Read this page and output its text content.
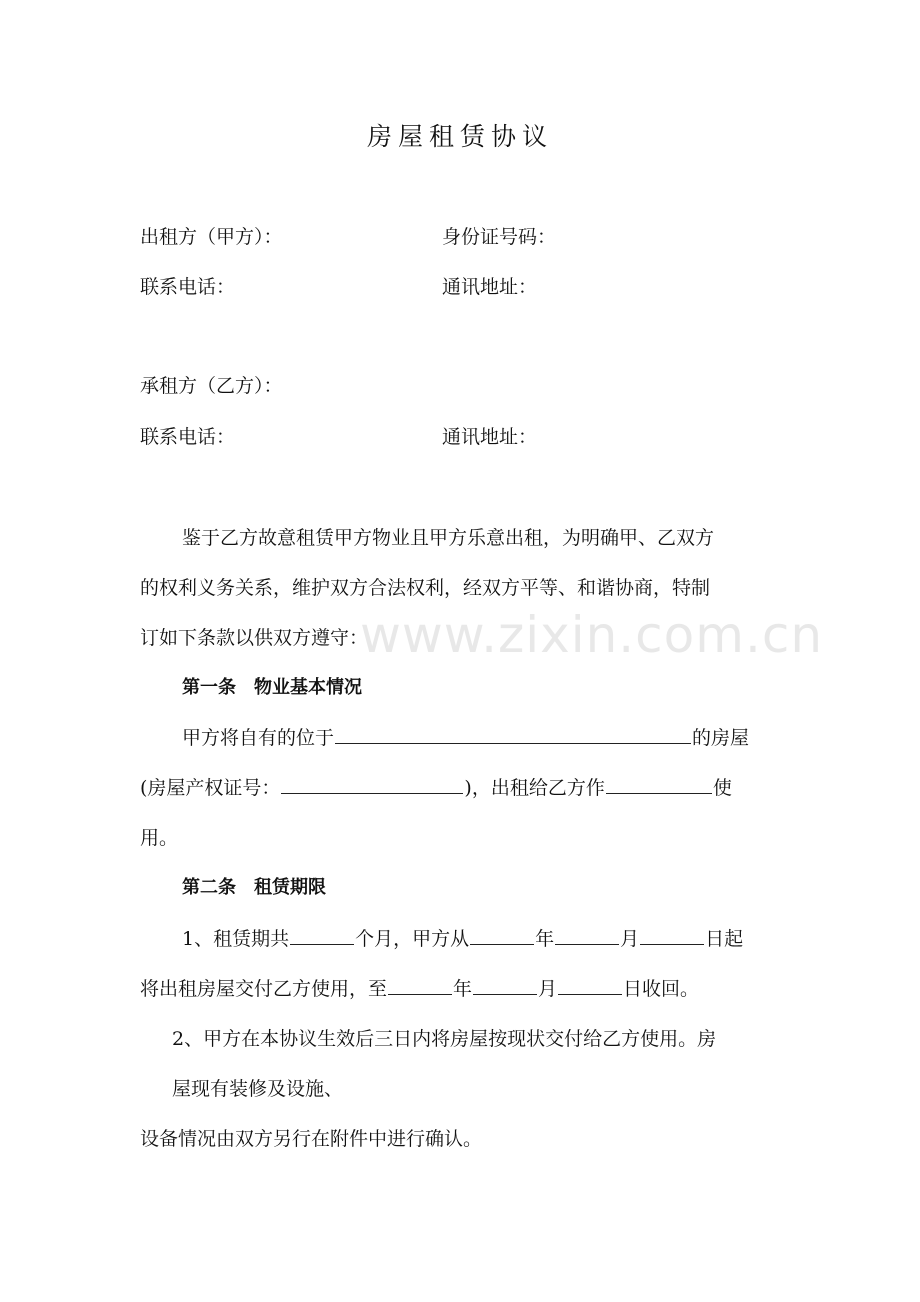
房屋租赁协议
出租方（甲方）：	身份证号码：
联系电话：	通讯地址：
承租方（乙方）：
联系电话：	通讯地址：
鉴于乙方故意租赁甲方物业且甲方乐意出租，为明确甲、乙双方
的权利义务关系，维护双方合法权利，经双方平等、和谐协商，特制
订如下条款以供双方遵守：
第一条 物业基本情况
甲方将自有的位于	的房屋
(房屋产权证号：	)，出租给乙方作	使
用。
第二条 租赁期限
1、租赁期共	个月，甲方从	年	月	日起
将出租房屋交付乙方使用，至	年	月	日收回。
2、甲方在本协议生效后三日内将房屋按现状交付给乙方使用。房
屋现有装修及设施、
设备情况由双方另行在附件中进行确认。
www.zixin.com.cn
